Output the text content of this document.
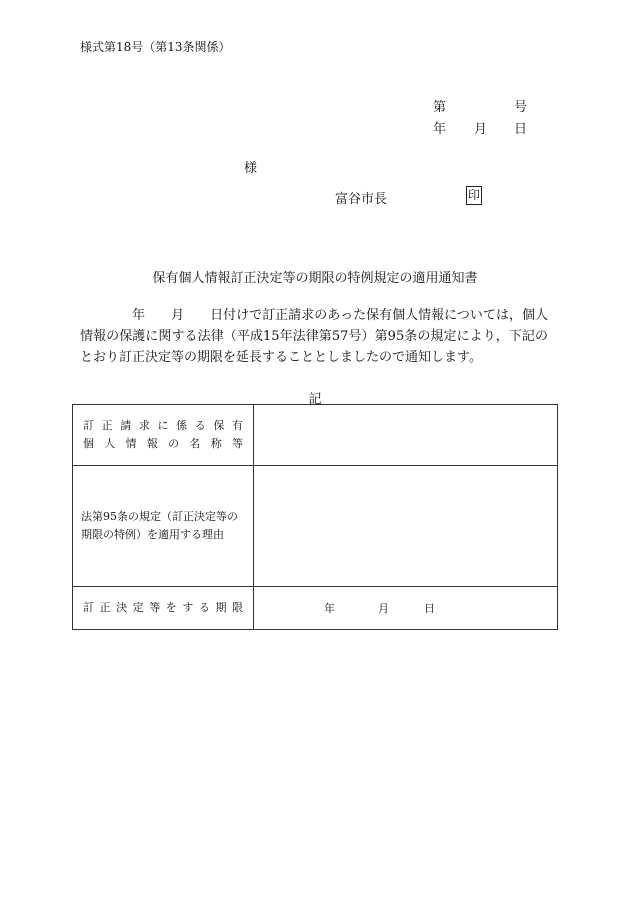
様式第18号（第13条関係）
第	号
年 月 日
様
富谷市長	印
保有個人情報訂正決定等の期限の特例規定の適用通知書
　　　　年　　月　　日付けで訂正請求のあった保有個人情報については，個人情報の保護に関する法律（平成15年法律第57号）第95条の規定により，下記のとおり訂正決定等の期限を延長することとしましたので通知します。
記
訂正請求に係る保有
個人情報の名称等	

法第95条の規定（訂正決定等の
期限の特例）を適用する理由	

訂正決定等をする期限	年 月 日
